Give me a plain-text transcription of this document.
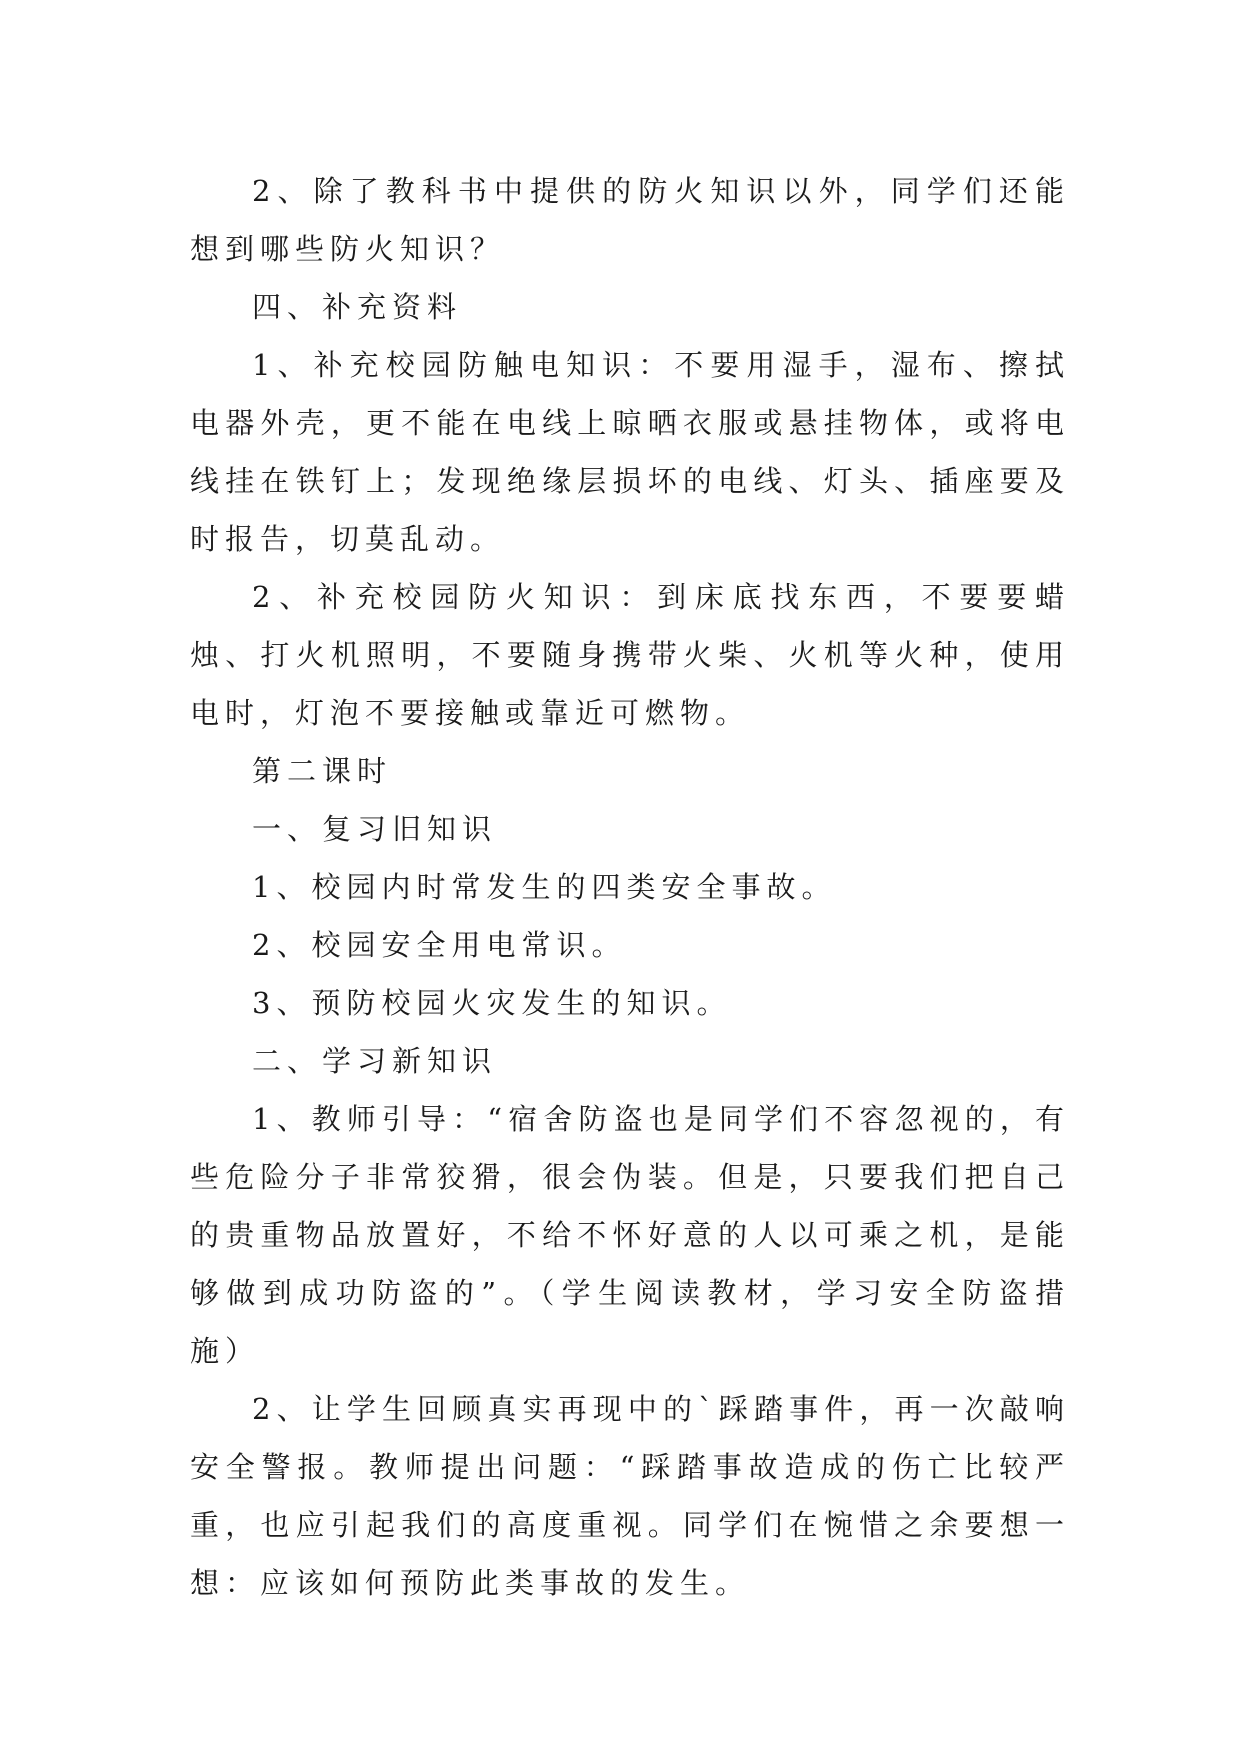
2、除了教科书中提供的防火知识以外，同学们还能想到哪些防火知识？

四、补充资料

1、补充校园防触电知识：不要用湿手，湿布、擦拭电器外壳，更不能在电线上晾晒衣服或悬挂物体，或将电线挂在铁钉上；发现绝缘层损坏的电线、灯头、插座要及时报告，切莫乱动。

2、补充校园防火知识：到床底找东西，不要要蜡烛、打火机照明，不要随身携带火柴、火机等火种，使用电时，灯泡不要接触或靠近可燃物。

第二课时

一、复习旧知识

1、校园内时常发生的四类安全事故。

2、校园安全用电常识。

3、预防校园火灾发生的知识。

二、学习新知识

1、教师引导：“宿舍防盗也是同学们不容忽视的，有些危险分子非常狡猾，很会伪装。但是，只要我们把自己的贵重物品放置好，不给不怀好意的人以可乘之机，是能够做到成功防盗的”。（学生阅读教材，学习安全防盗措施）

2、让学生回顾真实再现中的`踩踏事件，再一次敲响安全警报。教师提出问题：“踩踏事故造成的伤亡比较严重，也应引起我们的高度重视。同学们在惋惜之余要想一想：应该如何预防此类事故的发生。
